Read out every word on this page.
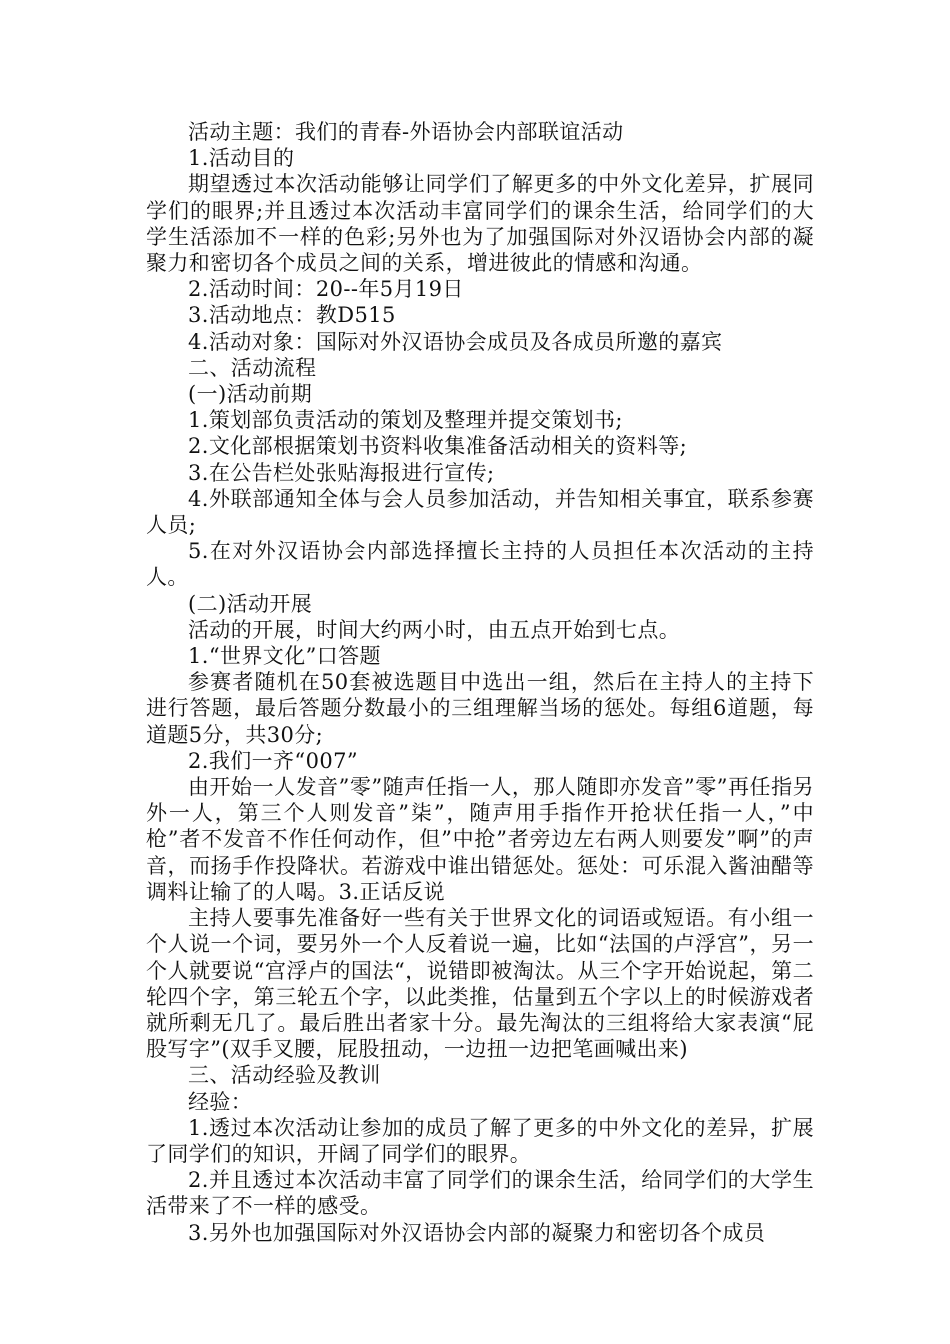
活动主题：我们的青春-外语协会内部联谊活动

1.活动目的

期望透过本次活动能够让同学们了解更多的中外文化差异，扩展同学们的眼界;并且透过本次活动丰富同学们的课余生活，给同学们的大学生活添加不一样的色彩;另外也为了加强国际对外汉语协会内部的凝聚力和密切各个成员之间的关系，增进彼此的情感和沟通。

2.活动时间：20--年5月19日

3.活动地点：教D515

4.活动对象：国际对外汉语协会成员及各成员所邀的嘉宾

二、活动流程

(一)活动前期

1.策划部负责活动的策划及整理并提交策划书;

2.文化部根据策划书资料收集准备活动相关的资料等;

3.在公告栏处张贴海报进行宣传;

4.外联部通知全体与会人员参加活动，并告知相关事宜，联系参赛人员;

5.在对外汉语协会内部选择擅长主持的人员担任本次活动的主持人。

(二)活动开展

活动的开展，时间大约两小时，由五点开始到七点。

1.“世界文化”口答题

参赛者随机在50套被选题目中选出一组，然后在主持人的主持下进行答题，最后答题分数最小的三组理解当场的惩处。每组6道题，每道题5分，共30分;

2.我们一齐“007”

由开始一人发音”零”随声任指一人，那人随即亦发音”零”再任指另外一人，第三个人则发音”柒”，随声用手指作开抢状任指一人，”中枪”者不发音不作任何动作，但”中抢”者旁边左右两人则要发”啊”的声音，而扬手作投降状。若游戏中谁出错惩处。惩处：可乐混入酱油醋等调料让输了的人喝。3.正话反说

主持人要事先准备好一些有关于世界文化的词语或短语。有小组一个人说一个词，要另外一个人反着说一遍，比如“法国的卢浮宫”，另一个人就要说“宫浮卢的国法“，说错即被淘汰。从三个字开始说起，第二轮四个字，第三轮五个字，以此类推，估量到五个字以上的时候游戏者就所剩无几了。最后胜出者家十分。最先淘汰的三组将给大家表演“屁股写字”(双手叉腰，屁股扭动，一边扭一边把笔画喊出来)

三、活动经验及教训

经验：

1.透过本次活动让参加的成员了解了更多的中外文化的差异，扩展了同学们的知识，开阔了同学们的眼界。

2.并且透过本次活动丰富了同学们的课余生活，给同学们的大学生活带来了不一样的感受。

3.另外也加强国际对外汉语协会内部的凝聚力和密切各个成员
